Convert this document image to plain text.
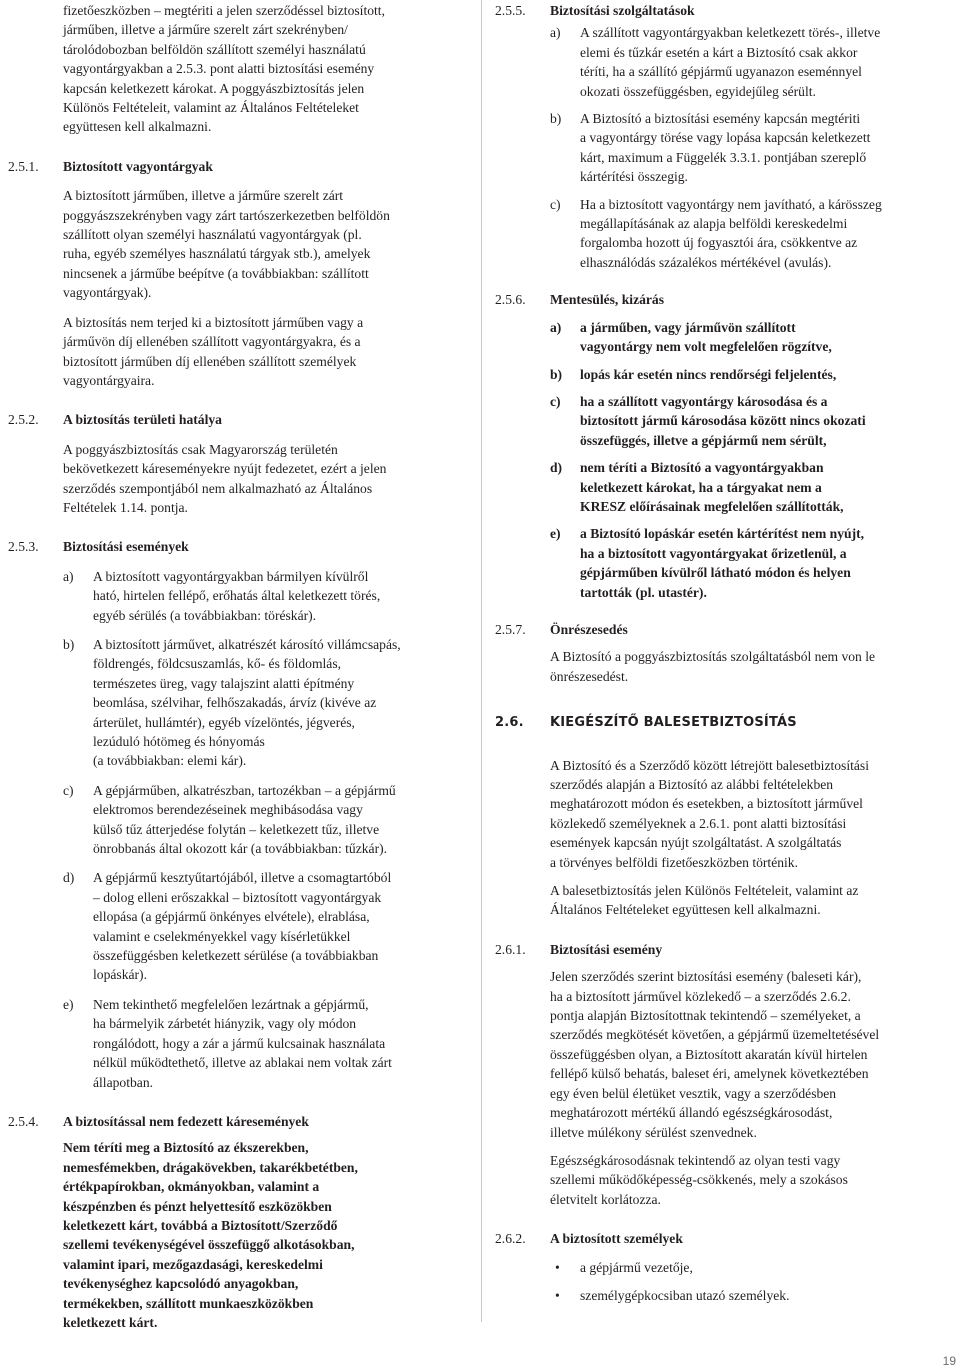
fizetőeszközben – megtériti a jelen szerződéssel biztosított,
járműben, illetve a járműre szerelt zárt szekrényben/
tárolódobozban belföldön szállított személyi használatú
vagyontárgyakban a 2.5.3. pont alatti biztosítási esemény
kapcsán keletkezett károkat. A poggyászbiztosítás jelen
Különös Feltételeit, valamint az Általános Feltételeket
együttesen kell alkalmazni.
2.5.1. Biztosított vagyontárgyak
A biztosított járműben, illetve a járműre szerelt zárt
poggyászszekrényben vagy zárt tartószerkezetben belföldön
szállított olyan személyi használatú vagyontárgyak (pl.
ruha, egyéb személyes használatú tárgyak stb.), amelyek
nincsenek a járműbe beépítve (a továbbiakban: szállított
vagyontárgyak).
A biztosítás nem terjed ki a biztosított járműben vagy a
járművön díj ellenében szállított vagyontárgyakra, és a
biztosított járműben díj ellenében szállított személyek
vagyontárgyaira.
2.5.2. A biztosítás területi hatálya
A poggyászbiztosítás csak Magyarország területén
bekövetkezett káreseményekre nyújt fedezetet, ezért a jelen
szerződés szempontjából nem alkalmazható az Általános
Feltételek 1.14. pontja.
2.5.3. Biztosítási események
a) A biztosított vagyontárgyakban bármilyen kívülről
ható, hirtelen fellépő, erőhatás által keletkezett törés,
egyéb sérülés (a továbbiakban: töréskár).
b) A biztosított járművet, alkatrészét károsító villámcsapás,
földrengés, földcsuszamlás, kő- és földomlás,
természetes üreg, vagy talajszint alatti építmény
beomlása, szélvihar, felhőszakadás, árvíz (kivéve az
árterület, hullámtér), egyéb vízelöntés, jégverés,
lezúduló hótömeg és hónyomás
(a továbbiakban: elemi kár).
c) A gépjárműben, alkatrészban, tartozékban – a gépjármű
elektromos berendezéseinek meghibásodása vagy
külső tűz átterjedése folytán – keletkezett tűz, illetve
önrobbanás által okozott kár (a továbbiakban: tűzkár).
d) A gépjármű kesztyűtartójából, illetve a csomagtartóból
– dolog elleni erőszakkal – biztosított vagyontárgyak
ellopása (a gépjármű önkényes elvétele), elrablása,
valamint e cselekményekkel vagy kísérletükkel
összefüggésben keletkezett sérülése (a továbbiakban
lopáskár).
e) Nem tekinthető megfelelően lezártnak a gépjármű,
ha bármelyik zárbetét hiányzik, vagy oly módon
rongálódott, hogy a zár a jármű kulcsainak használata
nélkül működtethető, illetve az ablakai nem voltak zárt
állapotban.
2.5.4. A biztosítással nem fedezett káresemények
Nem téríti meg a Biztosító az ékszerekben,
nemesfémekben, drágakövekben, takarékbetétben,
értékpapírokban, okmányokban, valamint a
készpénzben és pénzt helyettesítő eszközökben
keletkezett kárt, továbbá a Biztosított/Szerződő
szellemi tevékenységével összefüggő alkotásokban,
valamint ipari, mezőgazdasági, kereskedelmi
tevékenységhez kapcsolódó anyagokban,
termékekben, szállított munkaeszközökben
keletkezett kárt.
2.5.5. Biztosítási szolgáltatások
a) A szállított vagyontárgyakban keletkezett törés-, illetve
elemi és tűzkár esetén a kárt a Biztosító csak akkor
téríti, ha a szállító gépjármű ugyanazon eseménnyel
okozati összefüggésben, egyidejűleg sérült.
b) A Biztosító a biztosítási esemény kapcsán megtériti
a vagyontárgy törése vagy lopása kapcsán keletkezett
kárt, maximum a Függelék 3.3.1. pontjában szereplő
kártérítési összegig.
c) Ha a biztosított vagyontárgy nem javítható, a kárösszeg
megállapításának az alapja belföldi kereskedelmi
forgalomba hozott új fogyasztói ára, csökkentve az
elhasználódás százalékos mértékével (avulás).
2.5.6. Mentesülés, kizárás
a) a járműben, vagy járművön szállított
vagyontárgy nem volt megfelelően rögzítve,
b) lopás kár esetén nincs rendőrségi feljelentés,
c) ha a szállított vagyontárgy károsodása és a
biztosított jármű károsodása között nincs okozati
összefüggés, illetve a gépjármű nem sérült,
d) nem téríti a Biztosító a vagyontárgyakban
keletkezett károkat, ha a tárgyakat nem a
KRESZ előírásainak megfelelően szállították,
e) a Biztosító lopáskár esetén kártérítést nem nyújt,
ha a biztosított vagyontárgyakat őrizetlenül, a
gépjárműben kívülről látható módon és helyen
tartották (pl. utastér).
2.5.7. Önrészesedés
A Biztosító a poggyászbiztosítás szolgáltatásból nem von le
önrészesedést.
2.6. KIEGÉSZÍTŐ BALESETBIZTOSÍTÁS
A Biztosító és a Szerződő között létrejött balesetbiztosítási
szerződés alapján a Biztosító az alábbi feltételekben
meghatározott módon és esetekben, a biztosított járművel
közlekedő személyeknek a 2.6.1. pont alatti biztosítási
események kapcsán nyújt szolgáltatást. A szolgáltatás
a törvényes belföldi fizetőeszközben történik.
A balesetbiztosítás jelen Különös Feltételeit, valamint az
Általános Feltételeket együttesen kell alkalmazni.
2.6.1. Biztosítási esemény
Jelen szerződés szerint biztosítási esemény (baleseti kár),
ha a biztosított járművel közlekedő – a szerződés 2.6.2.
pontja alapján Biztosítottnak tekintendő – személyeket, a
szerződés megkötését követően, a gépjármű üzemeltetésével
összefüggésben olyan, a Biztosított akaratán kívül hirtelen
fellépő külső behatás, baleset éri, amelynek következtében
egy éven belül életüket vesztik, vagy a szerződésben
meghatározott mértékű állandó egészségkárosodást,
illetve múlékony sérülést szenvednek.
Egészségkárosodásnak tekintendő az olyan testi vagy
szellemi működőképesség-csökkenés, mely a szokásos
életvitelt korlátozza.
2.6.2. A biztosított személyek
• a gépjármű vezetője,
• személygépkocsiban utazó személyek.
19
